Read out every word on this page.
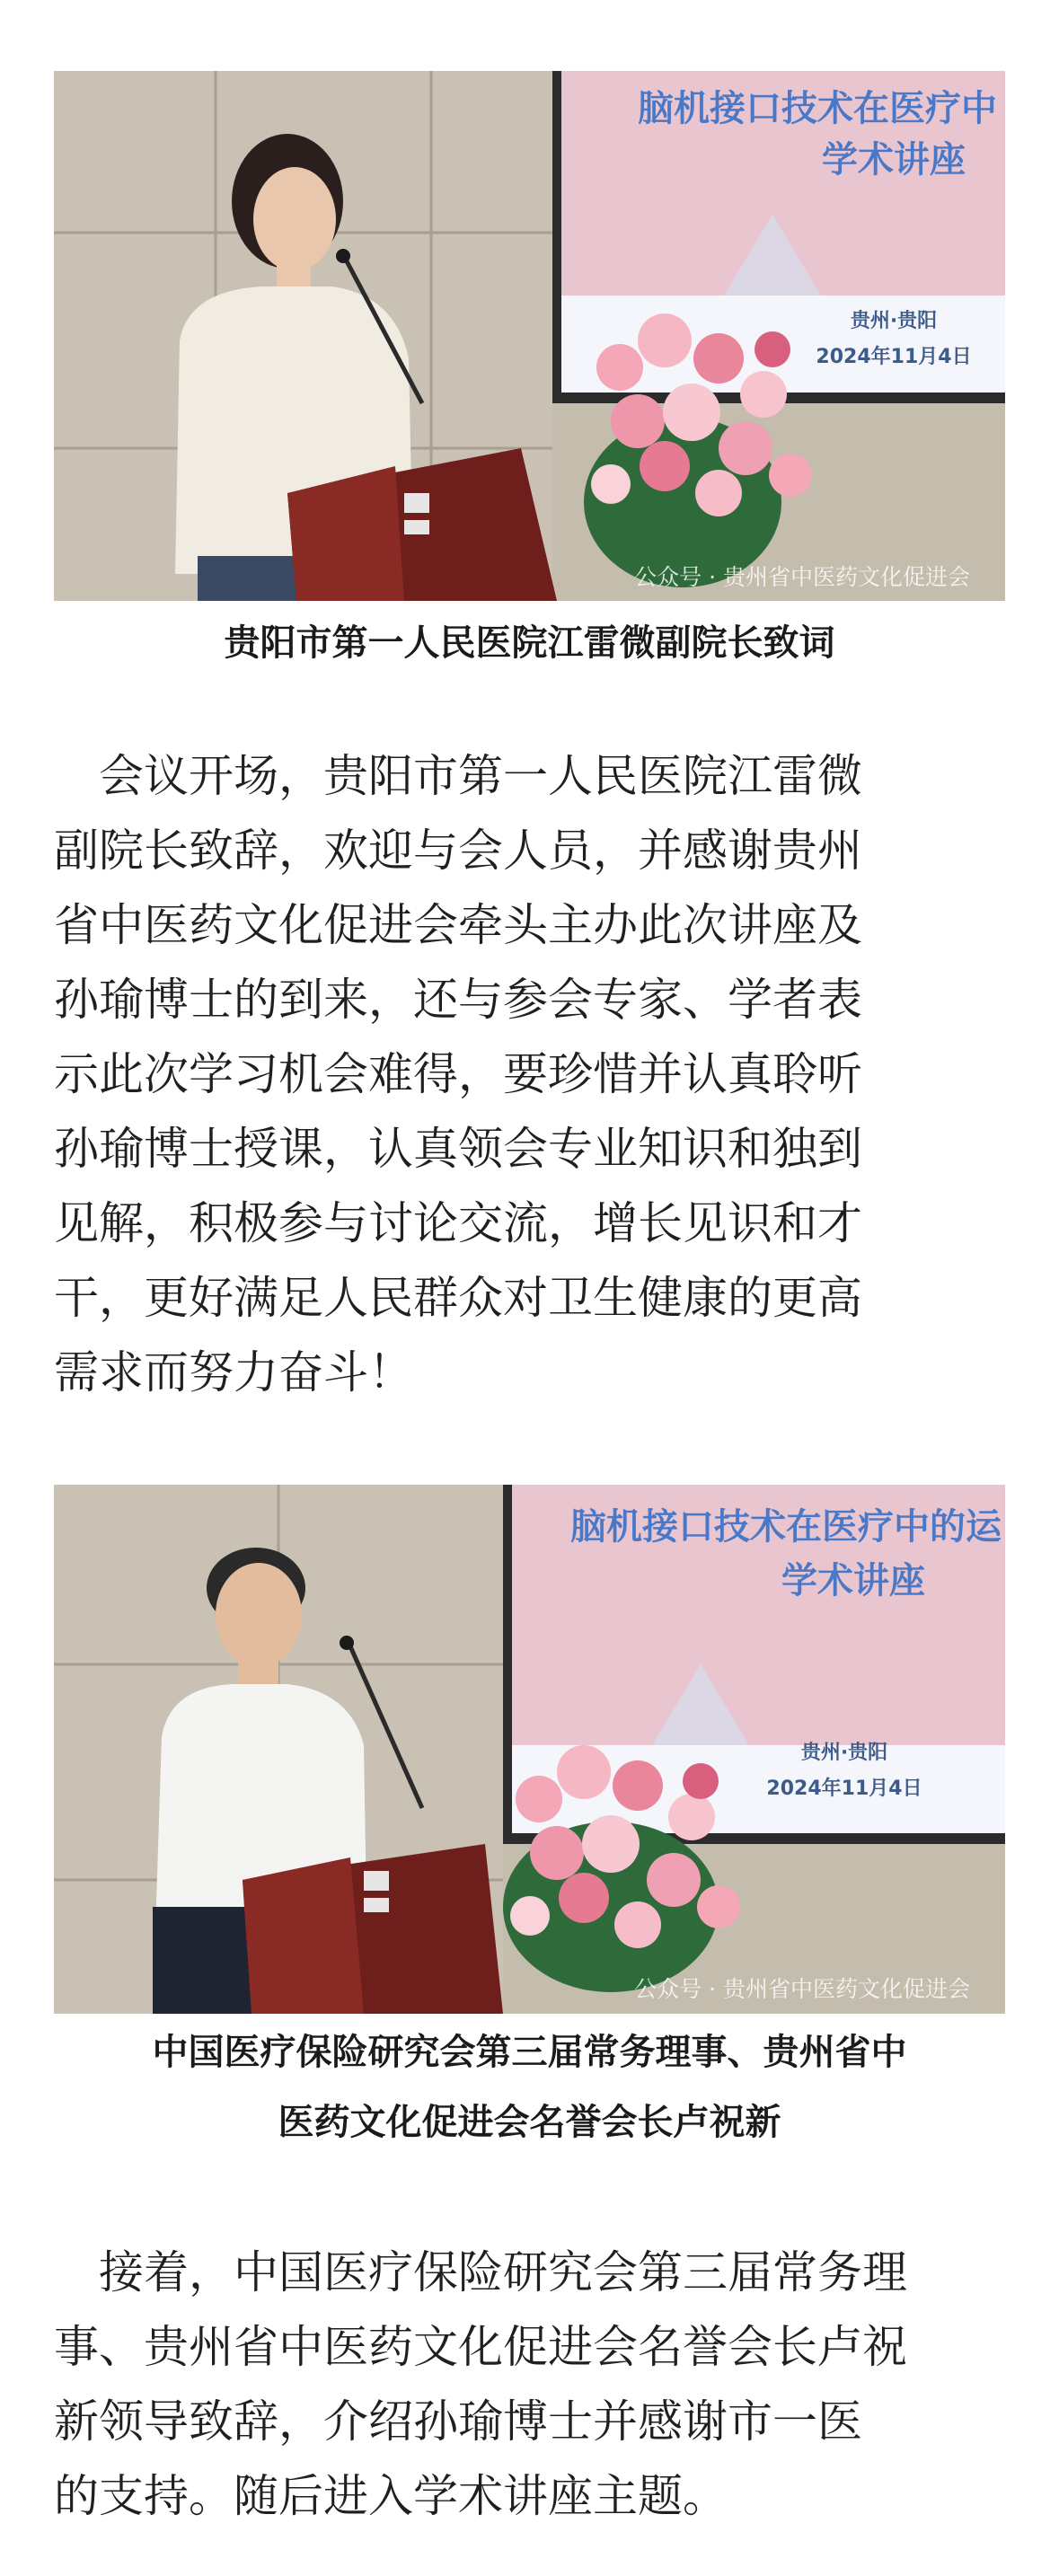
脑机接口技术在医疗中
学术讲座
贵州·贵阳
2024年11月4日
公众号 · 贵州省中医药文化促进会
贵阳市第一人民医院江雷微副院长致词

　会议开场，贵阳市第一人民医院江雷微
副院长致辞，欢迎与会人员，并感谢贵州
省中医药文化促进会牵头主办此次讲座及
孙瑜博士的到来，还与参会专家、学者表
示此次学习机会难得，要珍惜并认真聆听
孙瑜博士授课，认真领会专业知识和独到
见解，积极参与讨论交流，增长见识和才
干，更好满足人民群众对卫生健康的更高
需求而努力奋斗！

脑机接口技术在医疗中的运
学术讲座
贵州·贵阳
2024年11月4日
公众号 · 贵州省中医药文化促进会
中国医疗保险研究会第三届常务理事、贵州省中
医药文化促进会名誉会长卢祝新

　接着，中国医疗保险研究会第三届常务理
事、贵州省中医药文化促进会名誉会长卢祝
新领导致辞，介绍孙瑜博士并感谢市一医
的支持。随后进入学术讲座主题。
